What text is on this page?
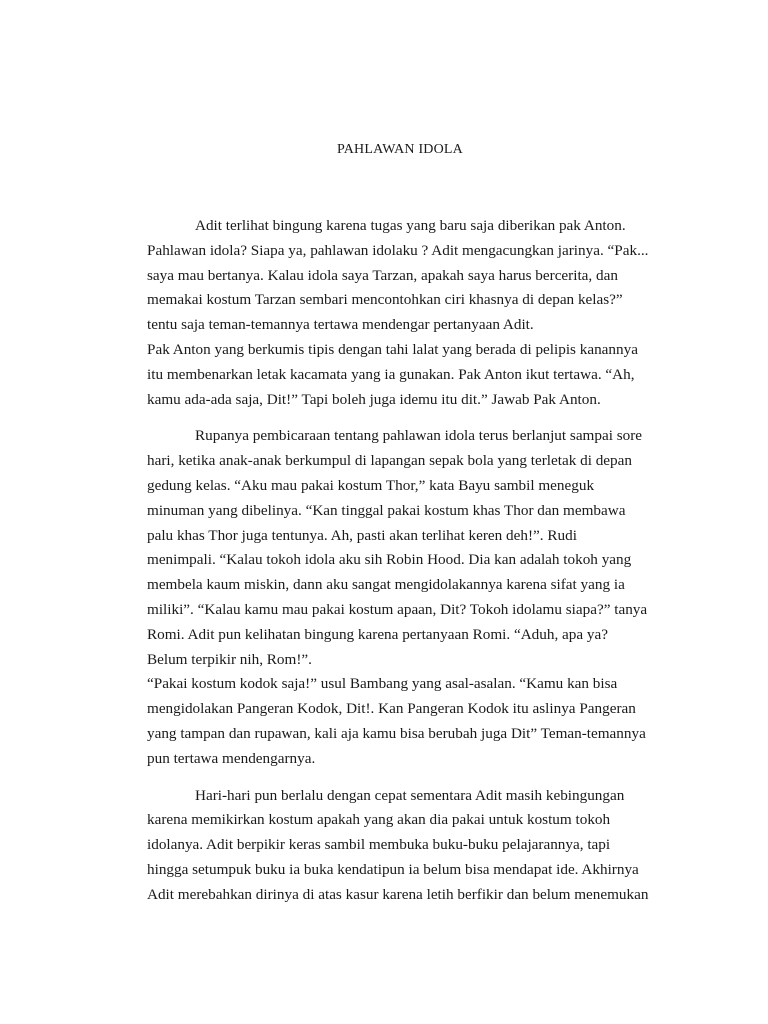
PAHLAWAN IDOLA

Adit terlihat bingung karena tugas yang baru saja diberikan pak Anton.
Pahlawan idola? Siapa ya, pahlawan idolaku ? Adit mengacungkan jarinya. “Pak...
saya mau bertanya. Kalau idola saya Tarzan, apakah saya harus bercerita, dan
memakai kostum Tarzan sembari mencontohkan ciri khasnya di depan kelas?”
tentu saja teman-temannya tertawa mendengar pertanyaan Adit.
Pak Anton yang berkumis tipis dengan tahi lalat yang berada di pelipis kanannya
itu membenarkan letak kacamata yang ia gunakan. Pak Anton ikut tertawa. “Ah,
kamu ada-ada saja, Dit!” Tapi boleh juga idemu itu dit.” Jawab Pak Anton.

Rupanya pembicaraan tentang pahlawan idola terus berlanjut sampai sore
hari, ketika anak-anak berkumpul di lapangan sepak bola yang terletak di depan
gedung kelas. “Aku mau pakai kostum Thor,” kata Bayu sambil meneguk
minuman yang dibelinya. “Kan tinggal pakai kostum khas Thor dan membawa
palu khas Thor juga tentunya. Ah, pasti akan terlihat keren deh!”. Rudi
menimpali. “Kalau tokoh idola aku sih Robin Hood. Dia kan adalah tokoh yang
membela kaum miskin, dann aku sangat mengidolakannya karena sifat yang ia
miliki”. “Kalau kamu mau pakai kostum apaan, Dit? Tokoh idolamu siapa?” tanya
Romi. Adit pun kelihatan bingung karena pertanyaan Romi. “Aduh, apa ya?
Belum terpikir nih, Rom!”.
“Pakai kostum kodok saja!” usul Bambang yang asal-asalan. “Kamu kan bisa
mengidolakan Pangeran Kodok, Dit!. Kan Pangeran Kodok itu aslinya Pangeran
yang tampan dan rupawan, kali aja kamu bisa berubah juga Dit” Teman-temannya
pun tertawa mendengarnya.

Hari-hari pun berlalu dengan cepat sementara Adit masih kebingungan
karena memikirkan kostum apakah yang akan dia pakai untuk kostum tokoh
idolanya. Adit berpikir keras sambil membuka buku-buku pelajarannya, tapi
hingga setumpuk buku ia buka kendatipun ia belum bisa mendapat ide. Akhirnya
Adit merebahkan dirinya di atas kasur karena letih berfikir dan belum menemukan
